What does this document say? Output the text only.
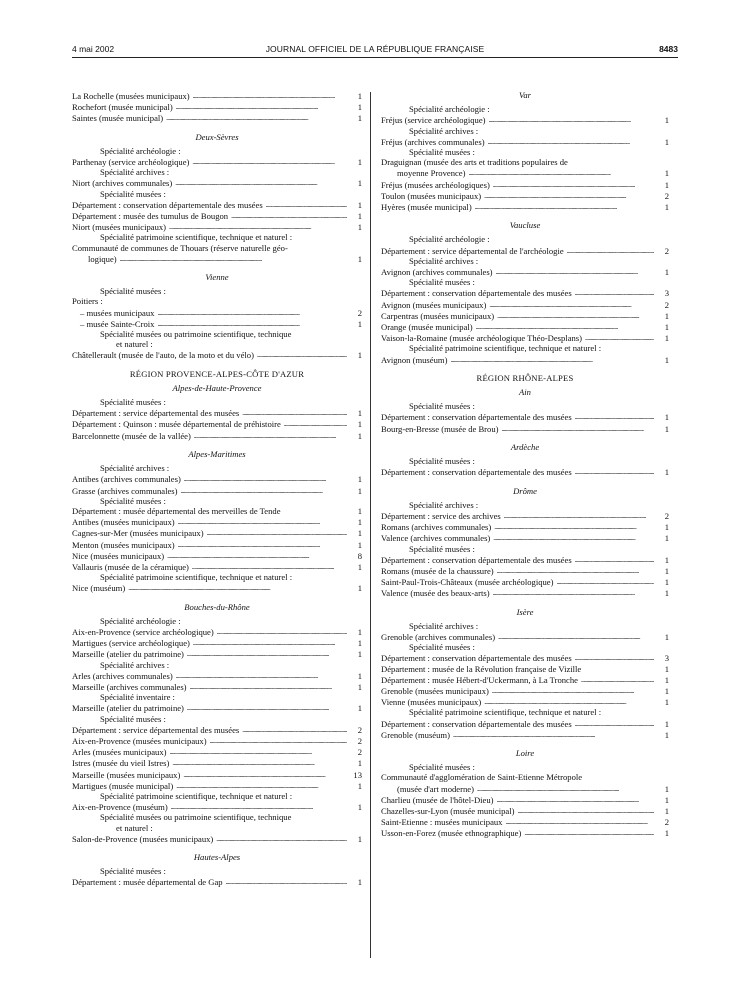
4 mai 2002	JOURNAL OFFICIEL DE LA RÉPUBLIQUE FRANÇAISE	8483
La Rochelle (musées municipaux) . . .	1
Rochefort (musée municipal) . . .	1
Saintes (musée municipal) . . .	1
Deux-Sèvres
Spécialité archéologie :
Parthenay (service archéologique) . . .	1
Spécialité archives :
Niort (archives communales) . . .	1
Spécialité musées :
Département : conservation départementale des musées . . .	1
Département : musée des tumulus de Bougon . . .	1
Niort (musées municipaux) . . .	1
Spécialité patrimoine scientifique, technique et naturel :
Communauté de communes de Thouars (réserve naturelle géo-
logique) . . .	1
Vienne
Spécialité musées :
Poitiers :
– musées municipaux . . .	2
– musée Sainte-Croix . . .	1
Spécialité musées ou patrimoine scientifique, technique
et naturel :
Châtellerault (musée de l'auto, de la moto et du vélo) . . .	1
RÉGION PROVENCE-ALPES-CÔTE D'AZUR
Alpes-de-Haute-Provence
Spécialité musées :
Département : service départemental des musées . . .	1
Département : Quinson : musée départemental de préhistoire . . .	1
Barcelonnette (musée de la vallée) . . .	1
Alpes-Maritimes
Spécialité archives :
Antibes (archives communales) . . .	1
Grasse (archives communales) . . .	1
Spécialité musées :
Département : musée départemental des merveilles de Tende	1
Antibes (musées municipaux) . . .	1
Cagnes-sur-Mer (musées municipaux) . . .	1
Menton (musées municipaux) . . .	1
Nice (musées municipaux) . . .	8
Vallauris (musée de la céramique) . . .	1
Spécialité patrimoine scientifique, technique et naturel :
Nice (muséum) . . .	1
Bouches-du-Rhône
Spécialité archéologie :
Aix-en-Provence (service archéologique) . . .	1
Martigues (service archéologique) . . .	1
Marseille (atelier du patrimoine) . . .	1
Spécialité archives :
Arles (archives communales) . . .	1
Marseille (archives communales) . . .	1
Spécialité inventaire :
Marseille (atelier du patrimoine) . . .	1
Spécialité musées :
Département : service départemental des musées . . .	2
Aix-en-Provence (musées municipaux) . . .	2
Arles (musées municipaux) . . .	2
Istres (musée du vieil Istres) . . .	1
Marseille (musées municipaux) . . .	13
Martigues (musée municipal) . . .	1
Spécialité patrimoine scientifique, technique et naturel :
Aix-en-Provence (muséum) . . .	1
Spécialité musées ou patrimoine scientifique, technique
et naturel :
Salon-de-Provence (musées municipaux) . . .	1
Hautes-Alpes
Spécialité musées :
Département : musée départemental de Gap . . .	1
Var
Spécialité archéologie :
Fréjus (service archéologique) . . .	1
Spécialité archives :
Fréjus (archives communales) . . .	1
Spécialité musées :
Draguignan (musée des arts et traditions populaires de
moyenne Provence) . . .	1
Fréjus (musées archéologiques) . . .	1
Toulon (musées municipaux) . . .	2
Hyères (musée municipal) . . .	1
Vaucluse
Spécialité archéologie :
Département : service départemental de l'archéologie . . .	2
Spécialité archives :
Avignon (archives communales) . . .	1
Spécialité musées :
Département : conservation départementale des musées . . .	3
Avignon (musées municipaux) . . .	2
Carpentras (musées municipaux) . . .	1
Orange (musée municipal) . . .	1
Vaison-la-Romaine (musée archéologique Théo-Desplans) . . .	1
Spécialité patrimoine scientifique, technique et naturel :
Avignon (muséum) . . .	1
RÉGION RHÔNE-ALPES
Ain
Spécialité musées :
Département : conservation départementale des musées . . .	1
Bourg-en-Bresse (musée de Brou) . . .	1
Ardèche
Spécialité musées :
Département : conservation départementale des musées . . .	1
Drôme
Spécialité archives :
Département : service des archives . . .	2
Romans (archives communales) . . .	1
Valence (archives communales) . . .	1
Spécialité musées :
Département : conservation départementale des musées . . .	1
Romans (musée de la chaussure) . . .	1
Saint-Paul-Trois-Châteaux (musée archéologique) . . .	1
Valence (musée des beaux-arts) . . .	1
Isère
Spécialité archives :
Grenoble (archives communales) . . .	1
Spécialité musées :
Département : conservation départementale des musées . . .	3
Département : musée de la Révolution française de Vizille	1
Département : musée Hébert-d'Uckermann, à La Tronche . . .	1
Grenoble (musées municipaux) . . .	1
Vienne (musées municipaux) . . .	1
Spécialité patrimoine scientifique, technique et naturel :
Département : conservation départementale des musées . . .	1
Grenoble (muséum) . . .	1
Loire
Spécialité musées :
Communauté d'agglomération de Saint-Etienne Métropole
(musée d'art moderne) . . .	1
Charlieu (musée de l'hôtel-Dieu) . . .	1
Chazelles-sur-Lyon (musée municipal) . . .	1
Saint-Etienne : musées municipaux . . .	2
Usson-en-Forez (musée ethnographique) . . .	1
